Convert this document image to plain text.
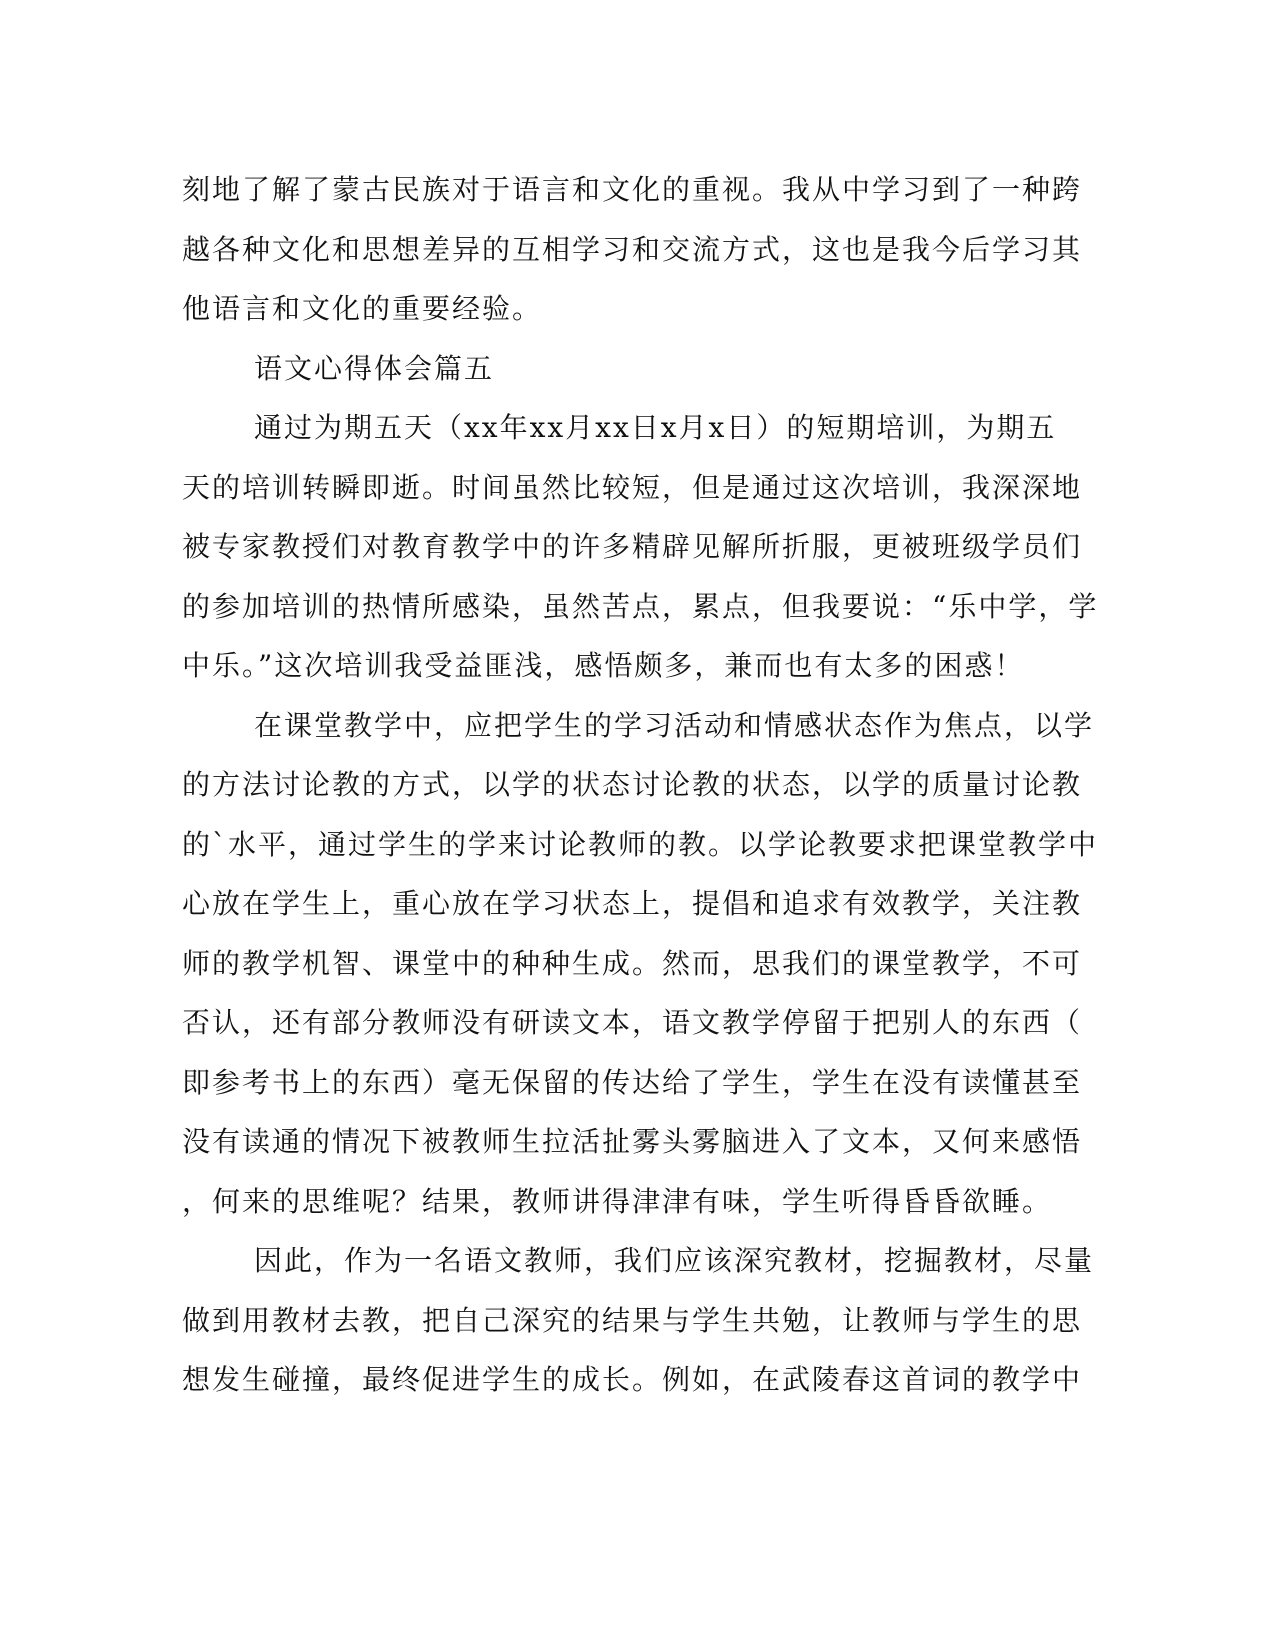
刻地了解了蒙古民族对于语言和文化的重视。我从中学习到了一种跨
越各种文化和思想差异的互相学习和交流方式，这也是我今后学习其
他语言和文化的重要经验。
语文心得体会篇五
通过为期五天（xx年xx月xx日x月x日）的短期培训，为期五
天的培训转瞬即逝。时间虽然比较短，但是通过这次培训，我深深地
被专家教授们对教育教学中的许多精辟见解所折服，更被班级学员们
的参加培训的热情所感染，虽然苦点，累点，但我要说：“乐中学，学
中乐。”这次培训我受益匪浅，感悟颇多，兼而也有太多的困惑！
在课堂教学中，应把学生的学习活动和情感状态作为焦点，以学
的方法讨论教的方式，以学的状态讨论教的状态，以学的质量讨论教
的`水平，通过学生的学来讨论教师的教。以学论教要求把课堂教学中
心放在学生上，重心放在学习状态上，提倡和追求有效教学，关注教
师的教学机智、课堂中的种种生成。然而，思我们的课堂教学，不可
否认，还有部分教师没有研读文本，语文教学停留于把别人的东西（
即参考书上的东西）毫无保留的传达给了学生，学生在没有读懂甚至
没有读通的情况下被教师生拉活扯雾头雾脑进入了文本，又何来感悟
，何来的思维呢？结果，教师讲得津津有味，学生听得昏昏欲睡。
因此，作为一名语文教师，我们应该深究教材，挖掘教材，尽量
做到用教材去教，把自己深究的结果与学生共勉，让教师与学生的思
想发生碰撞，最终促进学生的成长。例如，在武陵春这首词的教学中
